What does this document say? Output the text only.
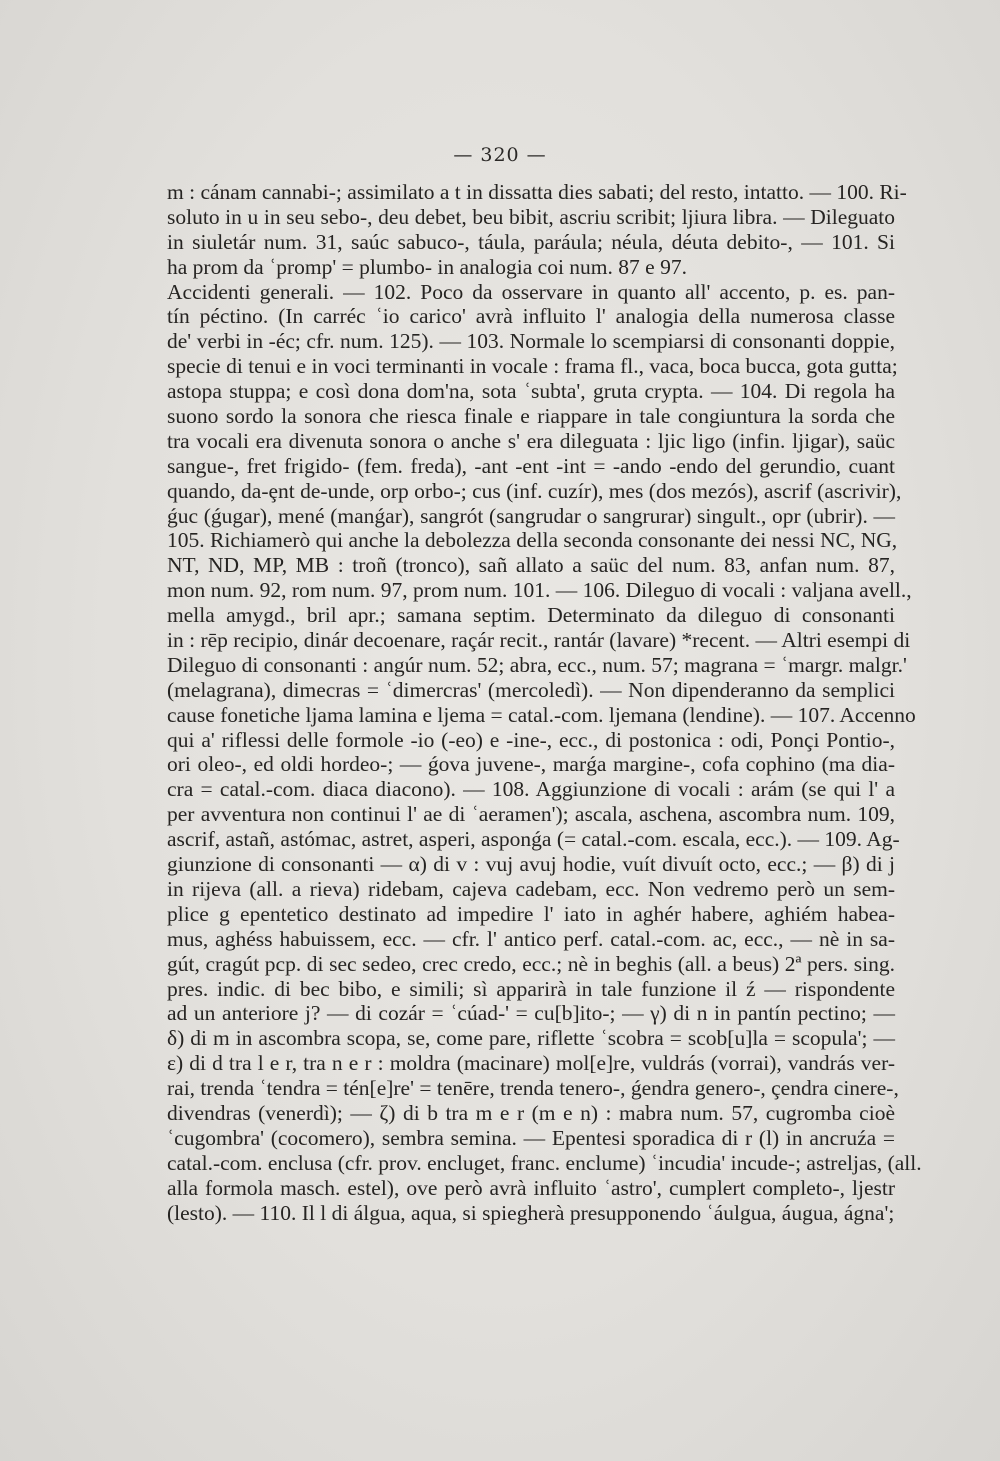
— 320 —
m : cánam cannabi-; assimilato a t in dissatta dies sabati; del resto, intatto. — 100. Ri-
soluto in u in seu sebo-, deu debet, beu bibit, ascriu scribit; ljiura libra. — Dileguato
in siuletár num. 31, saúc sabuco-, táula, paráula; néula, déuta debito-, — 101. Si
ha prom da ʿpromp' = plumbo- in analogia coi num. 87 e 97.
Accidenti generali. — 102. Poco da osservare in quanto all' accento, p. es. pan-
tín péctino. (In carréc ʿio carico' avrà influito l' analogia della numerosa classe
de' verbi in -éc; cfr. num. 125). — 103. Normale lo scempiarsi di consonanti doppie,
specie di tenui e in voci terminanti in vocale : frama fl., vaca, boca bucca, gota gutta;
astopa stuppa; e così dona dom'na, sota ʿsubta', gruta crypta. — 104. Di regola ha
suono sordo la sonora che riesca finale e riappare in tale congiuntura la sorda che
tra vocali era divenuta sonora o anche s' era dileguata : ljic ligo (infin. ljigar), saüc
sangue-, fret frigido- (fem. freda), -ant -ent -int = -ando -endo del gerundio, cuant
quando, da-ȩnt de-unde, orp orbo-; cus (inf. cuzír), mes (dos mezós), ascrif (ascrivir),
ǵuc (ǵugar), mené (manǵar), sangrót (sangrudar o sangrurar) singult., opr (ubrir). —
105. Richiamerò qui anche la debolezza della seconda consonante dei nessi NC, NG,
NT, ND, MP, MB : troñ (tronco), sañ allato a saüc del num. 83, anfan num. 87,
mon num. 92, rom num. 97, prom num. 101. — 106. Dileguo di vocali : valjana avell.,
mella amygd., bril apr.; samana septim. Determinato da dileguo di consonanti
in : rēp recipio, dinár decoenare, raçár recit., rantár (lavare) *recent. — Altri esempi di
Dileguo di consonanti : angúr num. 52; abra, ecc., num. 57; magrana = ʿmargr. malgr.'
(melagrana), dimecras = ʿdimercras' (mercoledì). — Non dipenderanno da semplici
cause fonetiche ljama lamina e ljema = catal.-com. ljemana (lendine). — 107. Accenno
qui a' riflessi delle formole -io (-eo) e -ine-, ecc., di postonica : odi, Ponçi Pontio-,
ori oleo-, ed oldi hordeo-; — ǵova juvene-, marǵa margine-, cofa cophino (ma dia-
cra = catal.-com. diaca diacono). — 108. Aggiunzione di vocali : arám (se qui l' a
per avventura non continui l' ae di ʿaeramen'); ascala, aschena, ascombra num. 109,
ascrif, astañ, astómac, astret, asperi, asponǵa (= catal.-com. escala, ecc.). — 109. Ag-
giunzione di consonanti — α) di v : vuj avuj hodie, vuít divuít octo, ecc.; — β) di j
in rijeva (all. a rieva) ridebam, cajeva cadebam, ecc. Non vedremo però un sem-
plice g epentetico destinato ad impedire l' iato in aghér habere, aghiém habea-
mus, aghéss habuissem, ecc. — cfr. l' antico perf. catal.-com. ac, ecc., — nè in sa-
gút, cragút pcp. di sec sedeo, crec credo, ecc.; nè in beghis (all. a beus) 2ª pers. sing.
pres. indic. di bec bibo, e simili; sì apparirà in tale funzione il ź — rispondente
ad un anteriore j? — di cozár = ʿcúad-' = cu[b]ito-; — γ) di n in pantín pectino; —
δ) di m in ascombra scopa, se, come pare, riflette ʿscobra = scob[u]la = scopula'; —
ε) di d tra l e r, tra n e r : moldra (macinare) mol[e]re, vuldrás (vorrai), vandrás ver-
rai, trenda ʿtendra = tén[e]re' = tenēre, trenda tenero-, ǵendra genero-, çendra cinere-,
divendras (venerdì); — ζ) di b tra m e r (m e n) : mabra num. 57, cugromba cioè
ʿcugombra' (cocomero), sembra semina. — Epentesi sporadica di r (l) in ancruźa =
catal.-com. enclusa (cfr. prov. encluget, franc. enclume) ʿincudia' incude-; astreljas, (all.
alla formola masch. estel), ove però avrà influito ʿastro', cumplert completo-, ljestr
(lesto). — 110. Il l di álgua, aqua, si spiegherà presupponendo ʿáulgua, áugua, ágna';
